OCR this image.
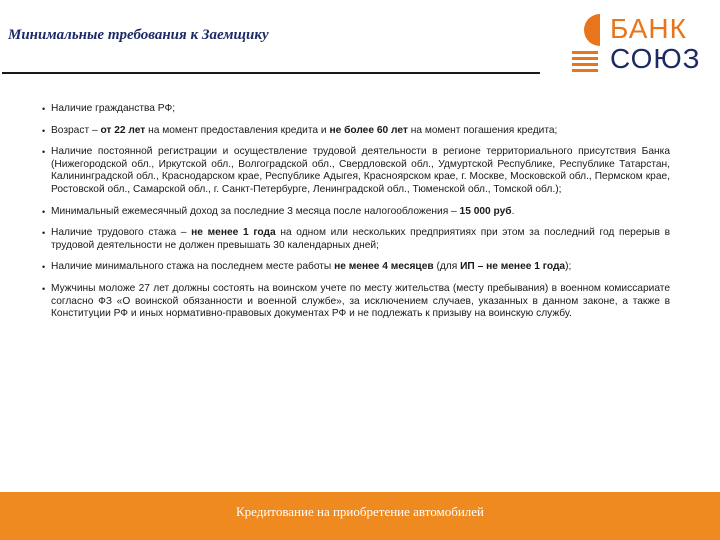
Минимальные требования к Заемщику	БАНК
СОЮЗ
• Наличие гражданства РФ;
• Возраст – от 22 лет на момент предоставления кредита и не более 60 лет на момент погашения кредита;
• Наличие постоянной регистрации и осуществление трудовой деятельности в регионе территориального присутствия Банка (Нижегородской обл., Иркутской обл., Волгоградской обл., Свердловской обл., Удмуртской Республике, Республике Татарстан, Калининградской обл., Краснодарском крае, Республике Адыгея, Красноярском крае, г. Москве, Московской обл., Пермском крае, Ростовской обл., Самарской обл., г. Санкт-Петербурге, Ленинградской обл., Тюменской обл., Томской обл.);
• Минимальный ежемесячный доход за последние 3 месяца после налогообложения – 15 000 руб.
• Наличие трудового стажа – не менее 1 года на одном или нескольких предприятиях при этом за последний год перерыв в трудовой деятельности не должен превышать 30 календарных дней;
• Наличие минимального стажа на последнем месте работы не менее 4 месяцев (для ИП – не менее 1 года);
• Мужчины моложе 27 лет должны состоять на воинском учете по месту жительства (месту пребывания) в военном комиссариате согласно ФЗ «О воинской обязанности и военной службе», за исключением случаев, указанных в данном законе, а также в Конституции РФ и иных нормативно-правовых документах РФ и не подлежать к призыву на воинскую службу.
Кредитование на приобретение автомобилей
